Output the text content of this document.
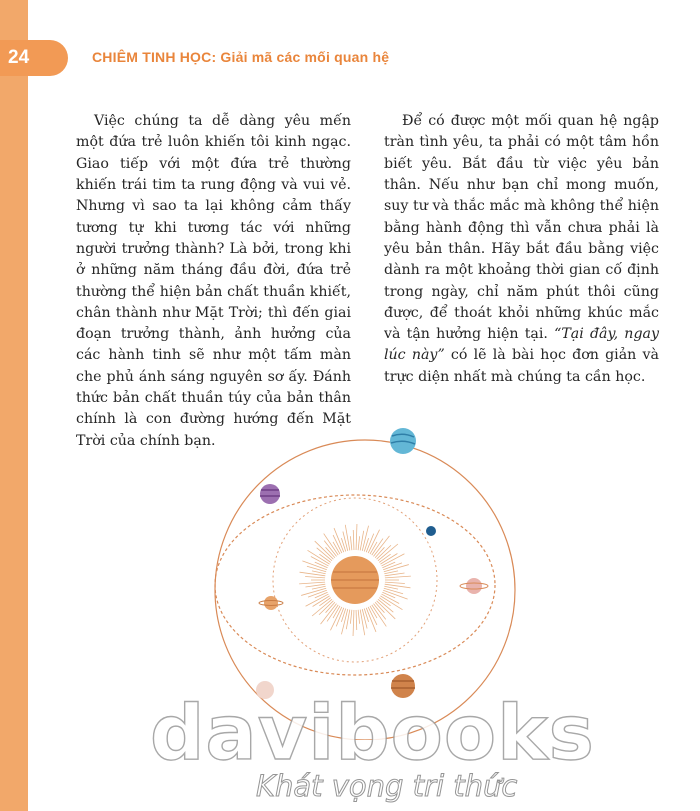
24	CHIÊM TINH HỌC: Giải mã các mối quan hệ

Việc chúng ta dễ dàng yêu mến một đứa trẻ luôn khiến tôi kinh ngạc. Giao tiếp với một đứa trẻ thường khiến trái tim ta rung động và vui vẻ. Nhưng vì sao ta lại không cảm thấy tương tự khi tương tác với những người trưởng thành? Là bởi, trong khi ở những năm tháng đầu đời, đứa trẻ thường thể hiện bản chất thuần khiết, chân thành như Mặt Trời; thì đến giai đoạn trưởng thành, ảnh hưởng của các hành tinh sẽ như một tấm màn che phủ ánh sáng nguyên sơ ấy. Đánh thức bản chất thuần túy của bản thân chính là con đường hướng đến Mặt Trời của chính bạn.

Để có được một mối quan hệ ngập tràn tình yêu, ta phải có một tâm hồn biết yêu. Bắt đầu từ việc yêu bản thân. Nếu như bạn chỉ mong muốn, suy tư và thắc mắc mà không thể hiện bằng hành động thì vẫn chưa phải là yêu bản thân. Hãy bắt đầu bằng việc dành ra một khoảng thời gian cố định trong ngày, chỉ năm phút thôi cũng được, để thoát khỏi những khúc mắc và tận hưởng hiện tại. “Tại đây, ngay lúc này” có lẽ là bài học đơn giản và trực diện nhất mà chúng ta cần học.

davibooks
Khát vọng tri thức
